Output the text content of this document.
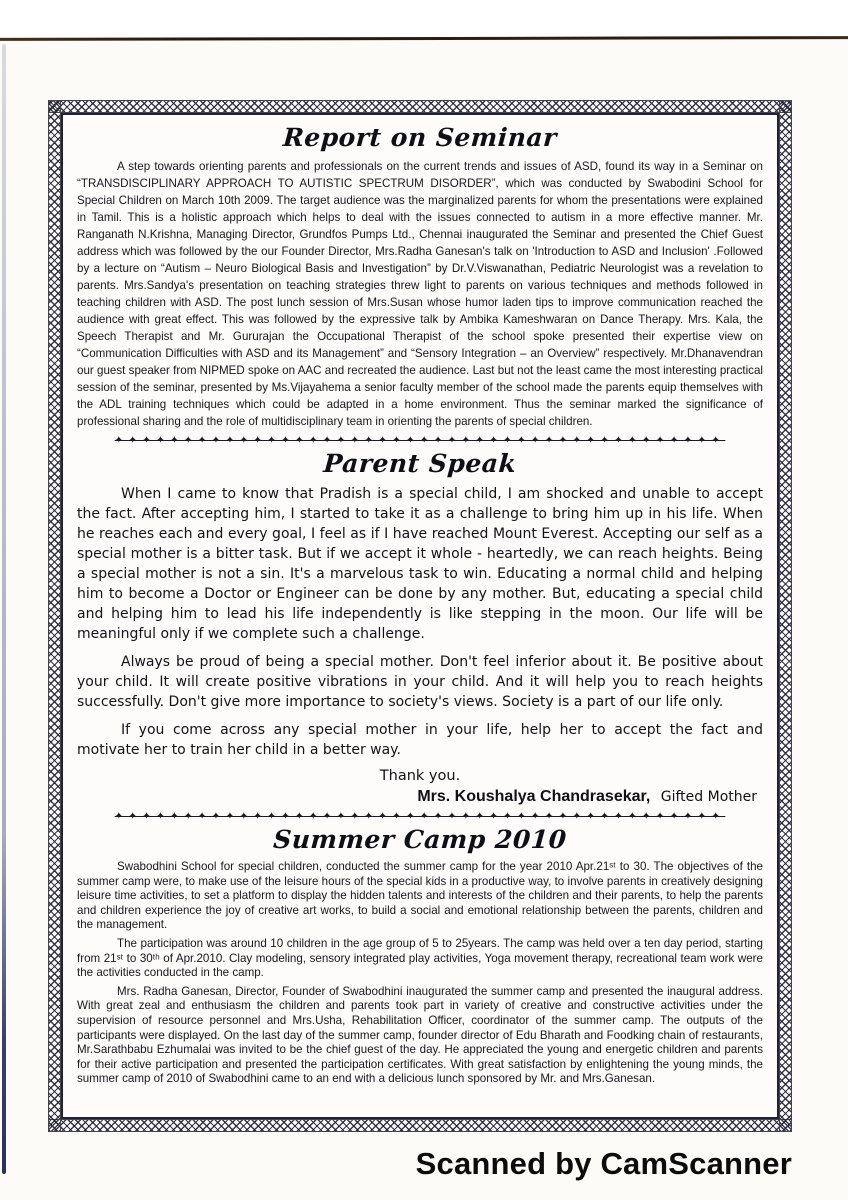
Report on Seminar

A step towards orienting parents and professionals on the current trends and issues of ASD, found its way in a Seminar on “TRANSDISCIPLINARY APPROACH TO AUTISTIC SPECTRUM DISORDER”, which was conducted by Swabodini School for Special Children on March 10th 2009. The target audience was the marginalized parents for whom the presentations were explained in Tamil. This is a holistic approach which helps to deal with the issues connected to autism in a more effective manner. Mr. Ranganath N.Krishna, Managing Director, Grundfos Pumps Ltd., Chennai inaugurated the Seminar and presented the Chief Guest address which was followed by the our Founder Director, Mrs.Radha Ganesan's talk on 'Introduction to ASD and Inclusion' .Followed by a lecture on “Autism – Neuro Biological Basis and Investigation” by Dr.V.Viswanathan, Pediatric Neurologist was a revelation to parents. Mrs.Sandya's presentation on teaching strategies threw light to parents on various techniques and methods followed in teaching children with ASD. The post lunch session of Mrs.Susan whose humor laden tips to improve communication reached the audience with great effect. This was followed by the expressive talk by Ambika Kameshwaran on Dance Therapy. Mrs. Kala, the Speech Therapist and Mr. Gururajan the Occupational Therapist of the school spoke presented their expertise view on “Communication Difficulties with ASD and its Management” and “Sensory Integration – an Overview” respectively. Mr.Dhanavendran our guest speaker from NIPMED spoke on AAC and recreated the audience. Last but not the least came the most interesting practical session of the seminar, presented by Ms.Vijayahema a senior faculty member of the school made the parents equip themselves with the ADL training techniques which could be adapted in a home environment. Thus the seminar marked the significance of professional sharing and the role of multidisciplinary team in orienting the parents of special children.

✦✦✦✦✦✦✦✦✦✦✦✦✦✦✦✦✦✦✦✦✦✦✦✦✦✦✦✦✦✦✦✦✦✦✦✦✦✦✦✦✦✦✦✦
Parent Speak

When I came to know that Pradish is a special child, I am shocked and unable to accept the fact. After accepting him, I started to take it as a challenge to bring him up in his life. When he reaches each and every goal, I feel as if I have reached Mount Everest. Accepting our self as a special mother is a bitter task. But if we accept it whole - heartedly, we can reach heights. Being a special mother is not a sin. It's a marvelous task to win. Educating a normal child and helping him to become a Doctor or Engineer can be done by any mother. But, educating a special child and helping him to lead his life independently is like stepping in the moon. Our life will be meaningful only if we complete such a challenge.

Always be proud of being a special mother. Don't feel inferior about it. Be positive about your child. It will create positive vibrations in your child. And it will help you to reach heights successfully. Don't give more importance to society's views. Society is a part of our life only.

If you come across any special mother in your life, help her to accept the fact and motivate her to train her child in a better way.

Thank you.

Mrs. Koushalya Chandrasekar, Gifted Mother

✦✦✦✦✦✦✦✦✦✦✦✦✦✦✦✦✦✦✦✦✦✦✦✦✦✦✦✦✦✦✦✦✦✦✦✦✦✦✦✦✦✦✦✦
Summer Camp 2010

Swabodhini School for special children, conducted the summer camp for the year 2010 Apr.21ˢᵗ to 30. The objectives of the summer camp were, to make use of the leisure hours of the special kids in a productive way, to involve parents in creatively designing leisure time activities, to set a platform to display the hidden talents and interests of the children and their parents, to help the parents and children experience the joy of creative art works, to build a social and emotional relationship between the parents, children and the management.

The participation was around 10 children in the age group of 5 to 25years. The camp was held over a ten day period, starting from 21ˢᵗ to 30ᵗʰ of Apr.2010. Clay modeling, sensory integrated play activities, Yoga movement therapy, recreational team work were the activities conducted in the camp.

Mrs. Radha Ganesan, Director, Founder of Swabodhini inaugurated the summer camp and presented the inaugural address. With great zeal and enthusiasm the children and parents took part in variety of creative and constructive activities under the supervision of resource personnel and Mrs.Usha, Rehabilitation Officer, coordinator of the summer camp. The outputs of the participants were displayed. On the last day of the summer camp, founder director of Edu Bharath and Foodking chain of restaurants, Mr.Sarathbabu Ezhumalai was invited to be the chief guest of the day. He appreciated the young and energetic children and parents for their active participation and presented the participation certificates. With great satisfaction by enlightening the young minds, the summer camp of 2010 of Swabodhini came to an end with a delicious lunch sponsored by Mr. and Mrs.Ganesan.

Scanned by CamScanner
